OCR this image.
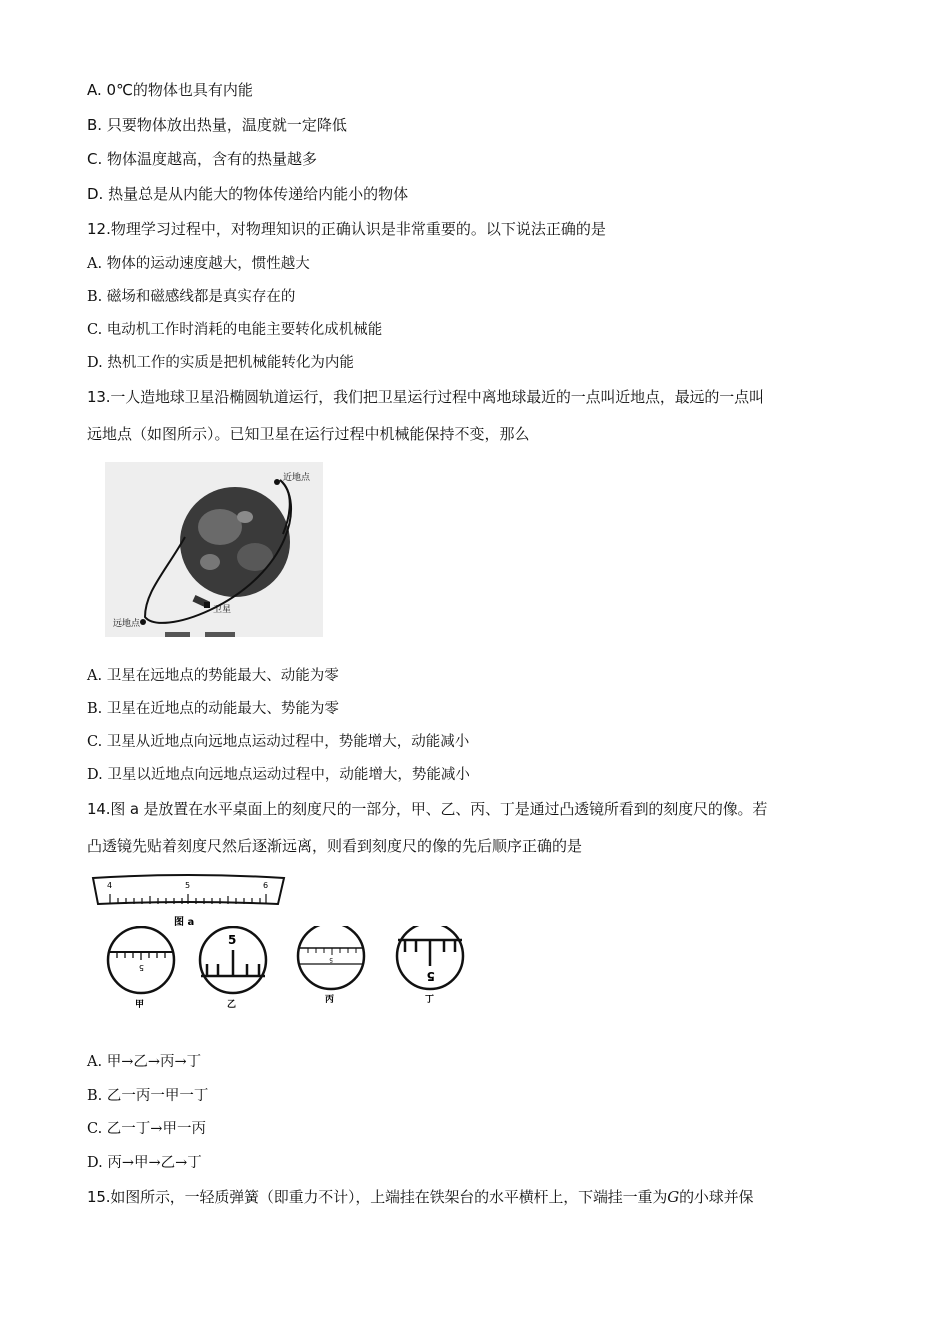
A. 0℃的物体也具有内能
B. 只要物体放出热量，温度就一定降低
C. 物体温度越高，含有的热量越多
D. 热量总是从内能大的物体传递给内能小的物体
12.物理学习过程中，对物理知识的正确认识是非常重要的。以下说法正确的是
A. 物体的运动速度越大，惯性越大
B. 磁场和磁感线都是真实存在的
C. 电动机工作时消耗的电能主要转化成机械能
D. 热机工作的实质是把机械能转化为内能
13.一人造地球卫星沿椭圆轨道运行，我们把卫星运行过程中离地球最近的一点叫近地点，最远的一点叫
远地点（如图所示）。已知卫星在运行过程中机械能保持不变，那么
近地点
远地点
卫星
A. 卫星在远地点的势能最大、动能为零
B. 卫星在近地点的动能最大、势能为零
C. 卫星从近地点向远地点运动过程中，势能增大，动能减小
D. 卫星以近地点向远地点运动过程中，动能增大，势能减小
14.图 a 是放置在水平桌面上的刻度尺的一部分，甲、乙、丙、丁是通过凸透镜所看到的刻度尺的像。若
凸透镜先贴着刻度尺然后逐渐远离，则看到刻度尺的像的先后顺序正确的是
4	5	6
图 a
5
甲
5
乙
5
丙
5
丁
A. 甲→乙→丙→丁
B. 乙一丙一甲一丁
C. 乙一丁→甲一丙
D. 丙→甲→乙→丁
15.如图所示，一轻质弹簧（即重力不计），上端挂在铁架台的水平横杆上，下端挂一重为G的小球并保
